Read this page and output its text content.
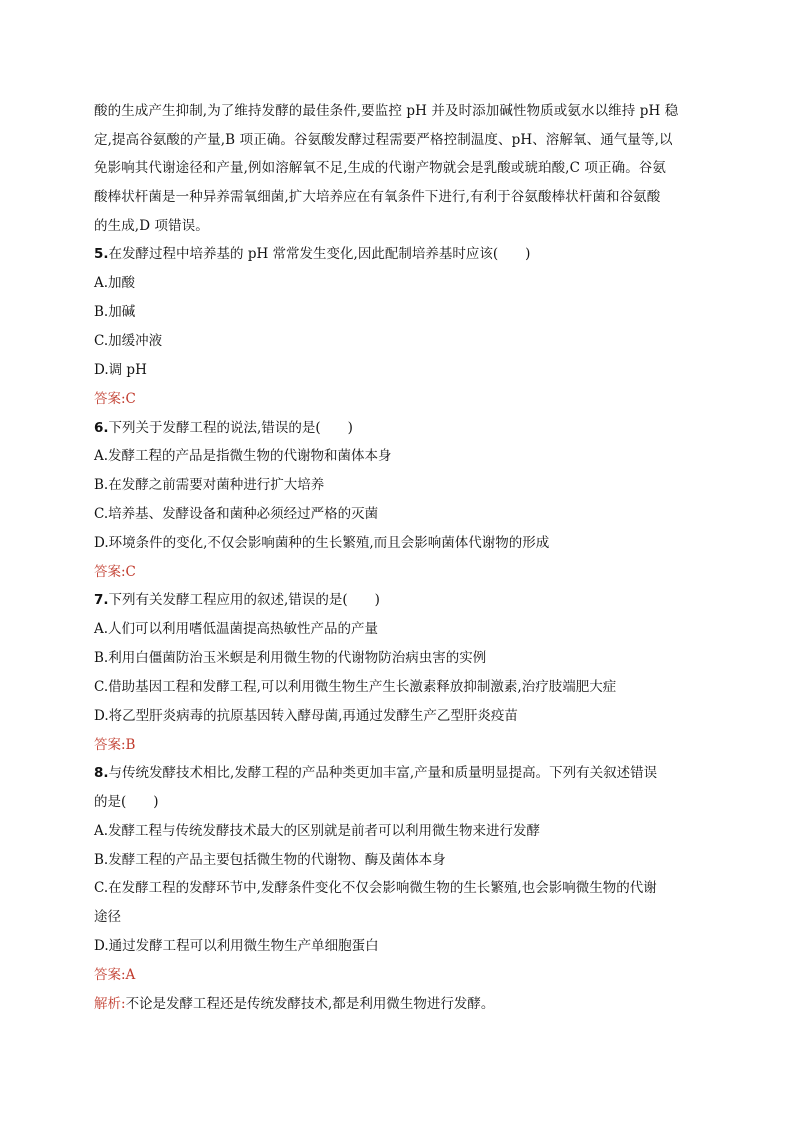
酸的生成产生抑制,为了维持发酵的最佳条件,要监控 pH 并及时添加碱性物质或氨水以维持 pH 稳
定,提高谷氨酸的产量,B 项正确。谷氨酸发酵过程需要严格控制温度、pH、溶解氧、通气量等,以
免影响其代谢途径和产量,例如溶解氧不足,生成的代谢产物就会是乳酸或琥珀酸,C 项正确。谷氨
酸棒状杆菌是一种异养需氧细菌,扩大培养应在有氧条件下进行,有利于谷氨酸棒状杆菌和谷氨酸
的生成,D 项错误。
5.在发酵过程中培养基的 pH 常常发生变化,因此配制培养基时应该(　　)
A.加酸
B.加碱
C.加缓冲液
D.调 pH
答案:C
6.下列关于发酵工程的说法,错误的是(　　)
A.发酵工程的产品是指微生物的代谢物和菌体本身
B.在发酵之前需要对菌种进行扩大培养
C.培养基、发酵设备和菌种必须经过严格的灭菌
D.环境条件的变化,不仅会影响菌种的生长繁殖,而且会影响菌体代谢物的形成
答案:C
7.下列有关发酵工程应用的叙述,错误的是(　　)
A.人们可以利用嗜低温菌提高热敏性产品的产量
B.利用白僵菌防治玉米螟是利用微生物的代谢物防治病虫害的实例
C.借助基因工程和发酵工程,可以利用微生物生产生长激素释放抑制激素,治疗肢端肥大症
D.将乙型肝炎病毒的抗原基因转入酵母菌,再通过发酵生产乙型肝炎疫苗
答案:B
8.与传统发酵技术相比,发酵工程的产品种类更加丰富,产量和质量明显提高。下列有关叙述错误
的是(　　)
A.发酵工程与传统发酵技术最大的区别就是前者可以利用微生物来进行发酵
B.发酵工程的产品主要包括微生物的代谢物、酶及菌体本身
C.在发酵工程的发酵环节中,发酵条件变化不仅会影响微生物的生长繁殖,也会影响微生物的代谢
途径
D.通过发酵工程可以利用微生物生产单细胞蛋白
答案:A
解析:不论是发酵工程还是传统发酵技术,都是利用微生物进行发酵。
